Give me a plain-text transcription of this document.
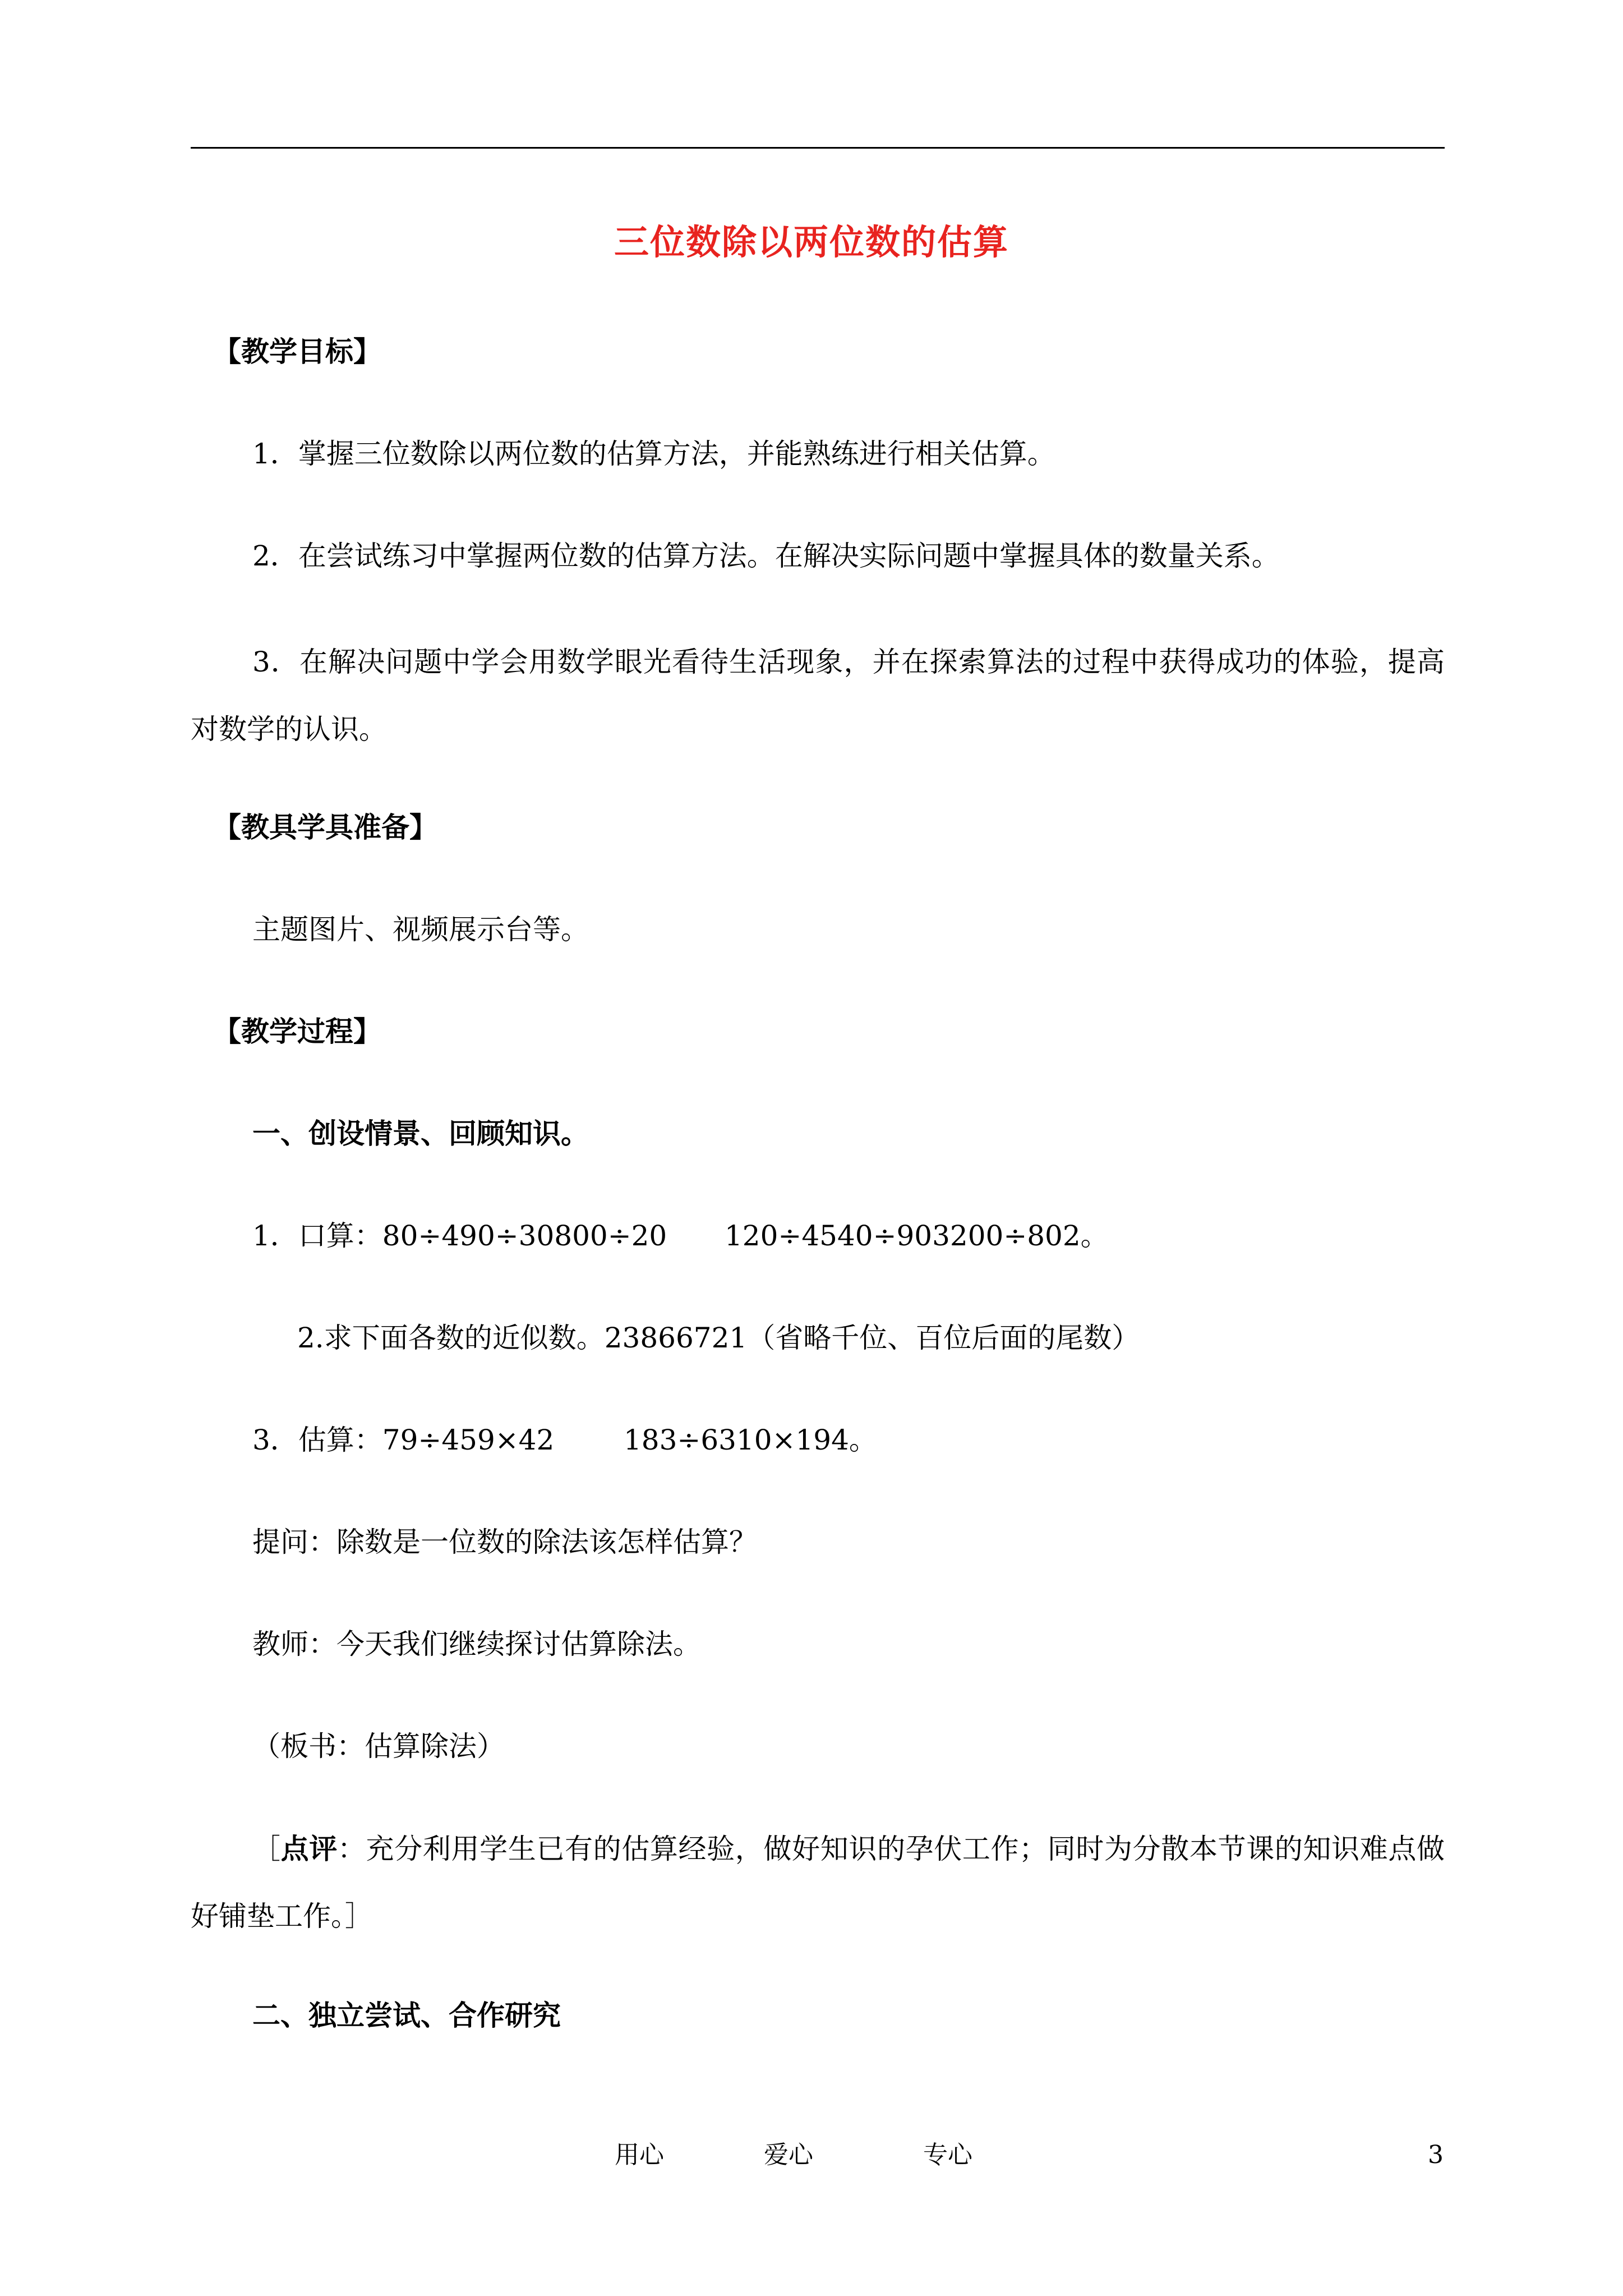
三位数除以两位数的估算
【教学目标】
1．掌握三位数除以两位数的估算方法，并能熟练进行相关估算。
2．在尝试练习中掌握两位数的估算方法。在解决实际问题中掌握具体的数量关系。
3．在解决问题中学会用数学眼光看待生活现象，并在探索算法的过程中获得成功的体验，提高对数学的认识。
【教具学具准备】
主题图片、视频展示台等。
【教学过程】
一、创设情景、回顾知识。
1．口算：80÷490÷30800÷20 120÷4540÷903200÷802。
2.求下面各数的近似数。23866721（省略千位、百位后面的尾数）
3．估算：79÷459×42 183÷6310×194。
提问：除数是一位数的除法该怎样估算？
教师：今天我们继续探讨估算除法。
（板书：估算除法）
［点评：充分利用学生已有的估算经验，做好知识的孕伏工作；同时为分散本节课的知识难点做好铺垫工作。］
二、独立尝试、合作研究
用心	爱心	专心	3
